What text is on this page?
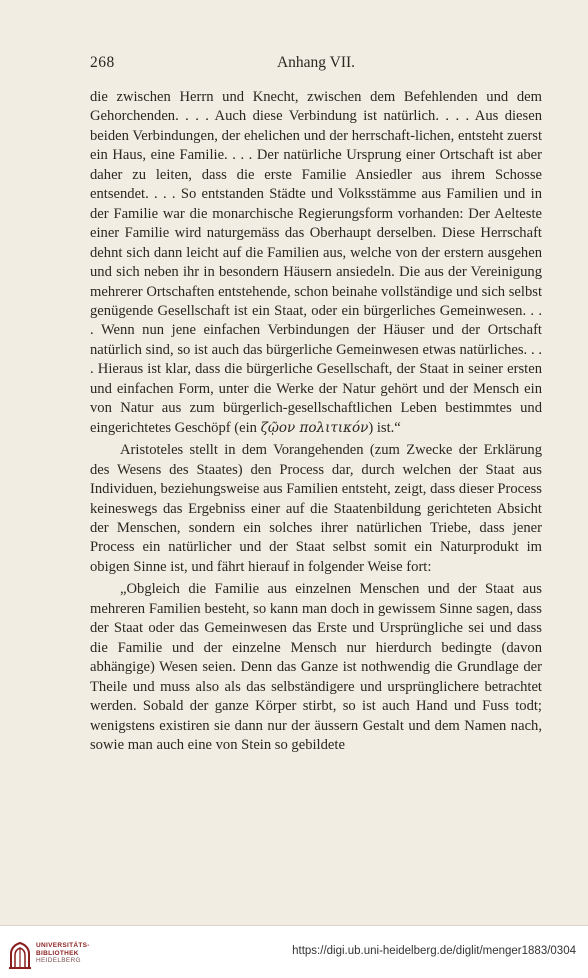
268	Anhang VII.

die zwischen Herrn und Knecht, zwischen dem Befehlenden und dem Gehorchenden. . . . Auch diese Verbindung ist natürlich. . . . Aus diesen beiden Verbindungen, der ehelichen und der herrschaft-lichen, entsteht zuerst ein Haus, eine Familie. . . . Der natürliche Ursprung einer Ortschaft ist aber daher zu leiten, dass die erste Familie Ansiedler aus ihrem Schosse entsendet. . . . So entstanden Städte und Volksstämme aus Familien und in der Familie war die monarchische Regierungsform vorhanden: Der Aelteste einer Familie wird naturgemäss das Oberhaupt derselben. Diese Herrschaft dehnt sich dann leicht auf die Familien aus, welche von der erstern ausgehen und sich neben ihr in besondern Häusern ansiedeln. Die aus der Vereinigung mehrerer Ortschaften entstehende, schon beinahe vollständige und sich selbst genügende Gesellschaft ist ein Staat, oder ein bürgerliches Gemeinwesen. . . . Wenn nun jene einfachen Verbindungen der Häuser und der Ortschaft natürlich sind, so ist auch das bürgerliche Gemeinwesen etwas natürliches. . . . Hieraus ist klar, dass die bürgerliche Gesellschaft, der Staat in seiner ersten und einfachen Form, unter die Werke der Natur gehört und der Mensch ein von Natur aus zum bürgerlich-gesellschaftlichen Leben bestimmtes und eingerichtetes Geschöpf (ein ζῷον πολιτικόν) ist.“

Aristoteles stellt in dem Vorangehenden (zum Zwecke der Erklärung des Wesens des Staates) den Process dar, durch welchen der Staat aus Individuen, beziehungsweise aus Familien entsteht, zeigt, dass dieser Process keineswegs das Ergebniss einer auf die Staatenbildung gerichteten Absicht der Menschen, sondern ein solches ihrer natürlichen Triebe, dass jener Process ein natürlicher und der Staat selbst somit ein Naturprodukt im obigen Sinne ist, und fährt hierauf in folgender Weise fort:

„Obgleich die Familie aus einzelnen Menschen und der Staat aus mehreren Familien besteht, so kann man doch in gewissem Sinne sagen, dass der Staat oder das Gemeinwesen das Erste und Ursprüngliche sei und dass die Familie und der einzelne Mensch nur hierdurch bedingte (davon abhängige) Wesen seien. Denn das Ganze ist nothwendig die Grundlage der Theile und muss also als das selbständigere und ursprünglichere betrachtet werden. Sobald der ganze Körper stirbt, so ist auch Hand und Fuss todt; wenigstens existiren sie dann nur der äussern Gestalt und dem Namen nach, sowie man auch eine von Stein so gebildete

UNIVERSITÄTS-
BIBLIOTHEK
HEIDELBERG
https://digi.ub.uni-heidelberg.de/diglit/menger1883/0304
